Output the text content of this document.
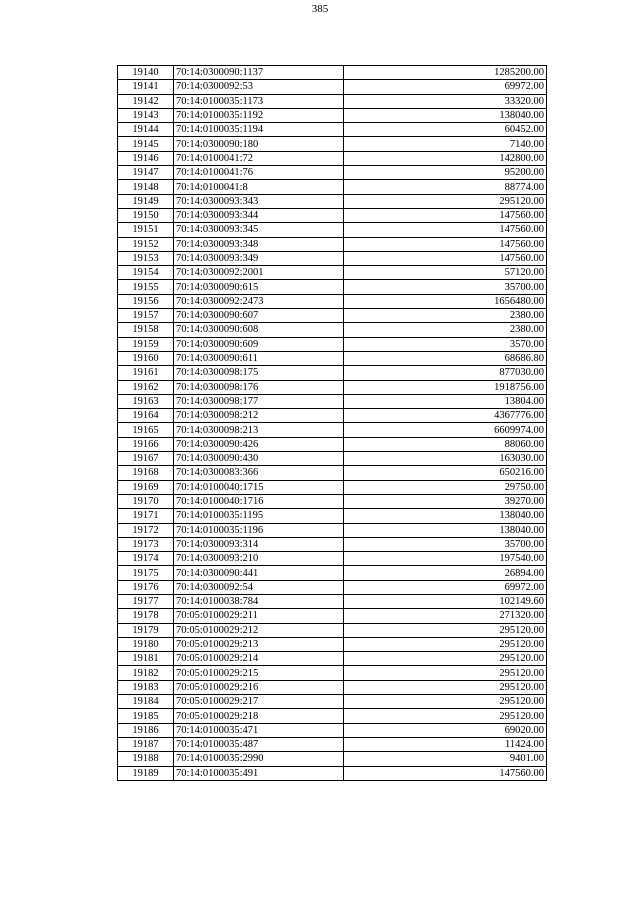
385
19140	70:14:0300090:1137	1285200.00
19141	70:14:0300092:53	69972.00
19142	70:14:0100035:1173	33320.00
19143	70:14:0100035:1192	138040.00
19144	70:14:0100035:1194	60452.00
19145	70:14:0300090:180	7140.00
19146	70:14:0100041:72	142800.00
19147	70:14:0100041:76	95200.00
19148	70:14:0100041:8	88774.00
19149	70:14:0300093:343	295120.00
19150	70:14:0300093:344	147560.00
19151	70:14:0300093:345	147560.00
19152	70:14:0300093:348	147560.00
19153	70:14:0300093:349	147560.00
19154	70:14:0300092:2001	57120.00
19155	70:14:0300090:615	35700.00
19156	70:14:0300092:2473	1656480.00
19157	70:14:0300090:607	2380.00
19158	70:14:0300090:608	2380.00
19159	70:14:0300090:609	3570.00
19160	70:14:0300090:611	68686.80
19161	70:14:0300098:175	877030.00
19162	70:14:0300098:176	1918756.00
19163	70:14:0300098:177	13804.00
19164	70:14:0300098:212	4367776.00
19165	70:14:0300098:213	6609974.00
19166	70:14:0300090:426	88060.00
19167	70:14:0300090:430	163030.00
19168	70:14:0300083:366	650216.00
19169	70:14:0100040:1715	29750.00
19170	70:14:0100040:1716	39270.00
19171	70:14:0100035:1195	138040.00
19172	70:14:0100035:1196	138040.00
19173	70:14:0300093:314	35700.00
19174	70:14:0300093:210	197540.00
19175	70:14:0300090:441	26894.00
19176	70:14:0300092:54	69972.00
19177	70:14:0100038:784	102149.60
19178	70:05:0100029:211	271320.00
19179	70:05:0100029:212	295120.00
19180	70:05:0100029:213	295120.00
19181	70:05:0100029:214	295120.00
19182	70:05:0100029:215	295120.00
19183	70:05:0100029:216	295120.00
19184	70:05:0100029:217	295120.00
19185	70:05:0100029:218	295120.00
19186	70:14:0100035:471	69020.00
19187	70:14:0100035:487	11424.00
19188	70:14:0100035:2990	9401.00
19189	70:14:0100035:491	147560.00
